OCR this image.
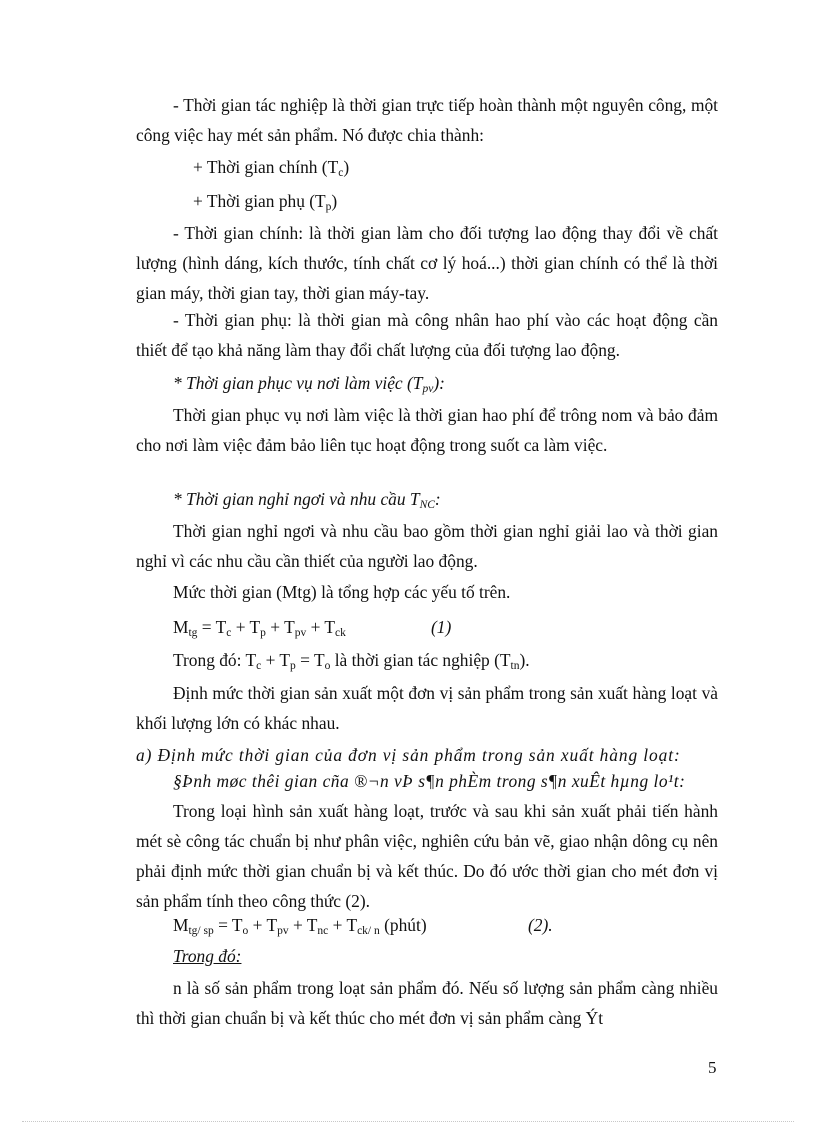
- Thời gian tác nghiệp là thời gian trực tiếp hoàn thành một nguyên công, một công việc hay mét sản phẩm. Nó được chia thành:

+ Thời gian chính $(T_c)$
+ Thời gian phụ $(T_p)$

- Thời gian chính: là thời gian làm cho đối tượng lao động thay đổi về chất lượng (hình dáng, kích thước, tính chất cơ lý hoá...) thời gian chính có thể là thời gian máy, thời gian tay, thời gian máy-tay.

- Thời gian phụ: là thời gian mà công nhân hao phí vào các hoạt động cần thiết để tạo khả năng làm thay đổi chất lượng của đối tượng lao động.

* Thời gian phục vụ nơi làm việc $(T_{pv})$:

Thời gian phục vụ nơi làm việc là thời gian hao phí để trông nom và bảo đảm cho nơi làm việc đảm bảo liên tục hoạt động trong suốt ca làm việc.

* Thời gian nghỉ ngơi và nhu cầu $T_{NC}$:

Thời gian nghỉ ngơi và nhu cầu bao gồm thời gian nghỉ giải lao và thời gian nghỉ vì các nhu cầu cần thiết của người lao động.

Mức thời gian (Mtg) là tổng hợp các yếu tố trên.
$M_{tg} = T_c + T_p + T_{pv} + T_{ck}$	(1)
Trong đó: $T_c + T_p = T_o$ là thời gian tác nghiệp $(T_{tn})$.

Định mức thời gian sản xuất một đơn vị sản phẩm trong sản xuất hàng loạt và khối lượng lớn có khác nhau.

a) Định mức thời gian của đơn vị sản phẩm trong sản xuất hàng loạt:
§Þnh møc thêi gian cña ®¬n vÞ s¶n phÈm trong s¶n xuÊt hµng lo¹t:

Trong loại hình sản xuất hàng loạt, trước và sau khi sản xuất phải tiến hành mét sè công tác chuẩn bị như phân việc, nghiên cứu bản vẽ, giao nhận dông cụ nên phải định mức thời gian chuẩn bị và kết thúc. Do đó ước thời gian cho mét đơn vị sản phẩm tính theo công thức (2).

$M_{tg/ sp} = T_o + T_{pv} + T_{nc} + T_{ck/ n}$ (phút)	(2).
Trong đó:

n là số sản phẩm trong loạt sản phẩm đó. Nếu số lượng sản phẩm càng nhiều thì thời gian chuẩn bị và kết thúc cho mét đơn vị sản phẩm càng Ýt

5
